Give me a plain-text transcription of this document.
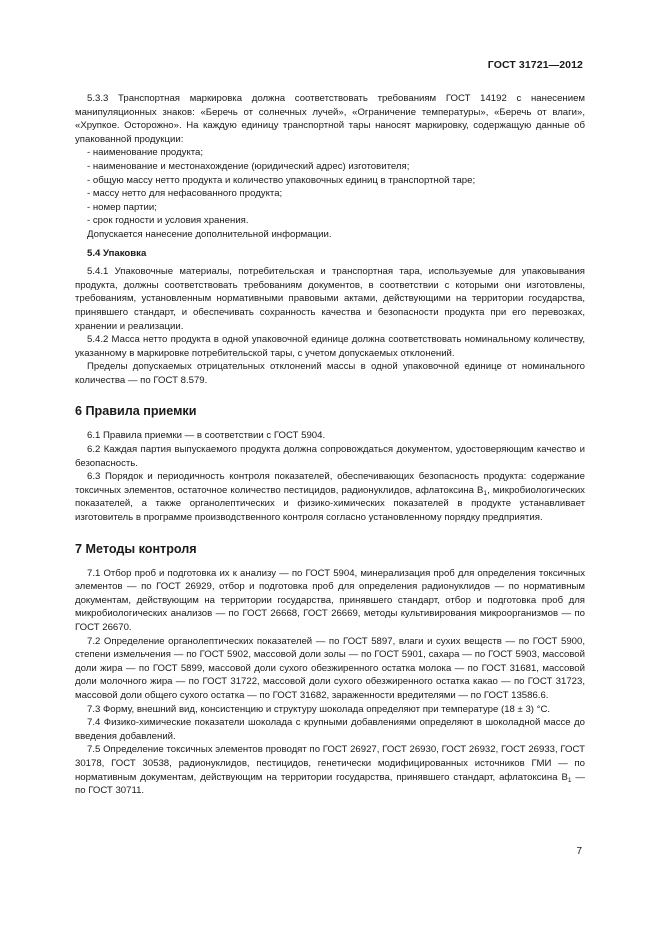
ГОСТ 31721—2012

5.3.3 Транспортная маркировка должна соответствовать требованиям ГОСТ 14192 с нанесением манипуляционных знаков: «Беречь от солнечных лучей», «Ограничение температуры», «Беречь от влаги», «Хрупкое. Осторожно». На каждую единицу транспортной тары наносят маркировку, содержащую данные об упакованной продукции:

- наименование продукта;

- наименование и местонахождение (юридический адрес) изготовителя;

- общую массу нетто продукта и количество упаковочных единиц в транспортной таре;

- массу нетто для нефасованного продукта;

- номер партии;

- срок годности и условия хранения.

Допускается нанесение дополнительной информации.

5.4 Упаковка

5.4.1 Упаковочные материалы, потребительская и транспортная тара, используемые для упаковывания продукта, должны соответствовать требованиям документов, в соответствии с которыми они изготовлены, требованиям, установленным нормативными правовыми актами, действующими на территории государства, принявшего стандарт, и обеспечивать сохранность качества и безопасности продукта при его перевозках, хранении и реализации.

5.4.2 Масса нетто продукта в одной упаковочной единице должна соответствовать номинальному количеству, указанному в маркировке потребительской тары, с учетом допускаемых отклонений.

Пределы допускаемых отрицательных отклонений массы в одной упаковочной единице от номинального количества — по ГОСТ 8.579.

6 Правила приемки

6.1 Правила приемки — в соответствии с ГОСТ 5904.

6.2 Каждая партия выпускаемого продукта должна сопровождаться документом, удостоверяющим качество и безопасность.

6.3 Порядок и периодичность контроля показателей, обеспечивающих безопасность продукта: содержание токсичных элементов, остаточное количество пестицидов, радионуклидов, афлатоксина $В_1$, микробиологических показателей, а также органолептических и физико-химических показателей в продукте устанавливает изготовитель в программе производственного контроля согласно установленному порядку предприятия.

7 Методы контроля

7.1 Отбор проб и подготовка их к анализу — по ГОСТ 5904, минерализация проб для определения токсичных элементов — по ГОСТ 26929, отбор и подготовка проб для определения радионуклидов — по нормативным документам, действующим на территории государства, принявшего стандарт, отбор и подготовка проб для микробиологических анализов — по ГОСТ 26668, ГОСТ 26669, методы культивирования микроорганизмов — по ГОСТ 26670.

7.2 Определение органолептических показателей — по ГОСТ 5897, влаги и сухих веществ — по ГОСТ 5900, степени измельчения — по ГОСТ 5902, массовой доли золы — по ГОСТ 5901, сахара — по ГОСТ 5903, массовой доли жира — по ГОСТ 5899, массовой доли сухого обезжиренного остатка молока — по ГОСТ 31681, массовой доли молочного жира — по ГОСТ 31722, массовой доли сухого обезжиренного остатка какао — по ГОСТ 31723, массовой доли общего сухого остатка — по ГОСТ 31682, зараженности вредителями — по ГОСТ 13586.6.

7.3 Форму, внешний вид, консистенцию и структуру шоколада определяют при температуре (18 ± 3) °С.

7.4 Физико-химические показатели шоколада с крупными добавлениями определяют в шоколадной массе до введения добавлений.

7.5 Определение токсичных элементов проводят по ГОСТ 26927, ГОСТ 26930, ГОСТ 26932, ГОСТ 26933, ГОСТ 30178, ГОСТ 30538, радионуклидов, пестицидов, генетически модифицированных источников ГМИ — по нормативным документам, действующим на территории государства, принявшего стандарт, афлатоксина $В_1$ — по ГОСТ 30711.

7
